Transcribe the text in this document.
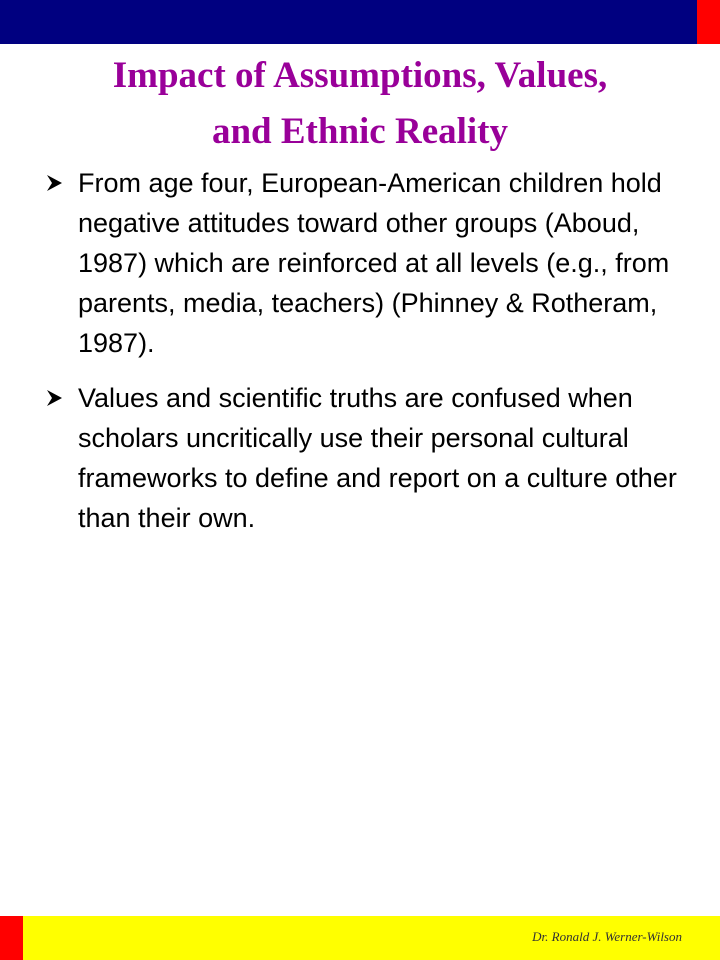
Impact of Assumptions, Values,
and Ethnic Reality
From age four, European-American children hold negative attitudes toward other groups (Aboud, 1987) which are reinforced at all levels (e.g., from parents, media, teachers) (Phinney & Rotheram, 1987).
Values and scientific truths are confused when scholars uncritically use their personal cultural frameworks to define and report on a culture other than their own.
Dr. Ronald J. Werner-Wilson
